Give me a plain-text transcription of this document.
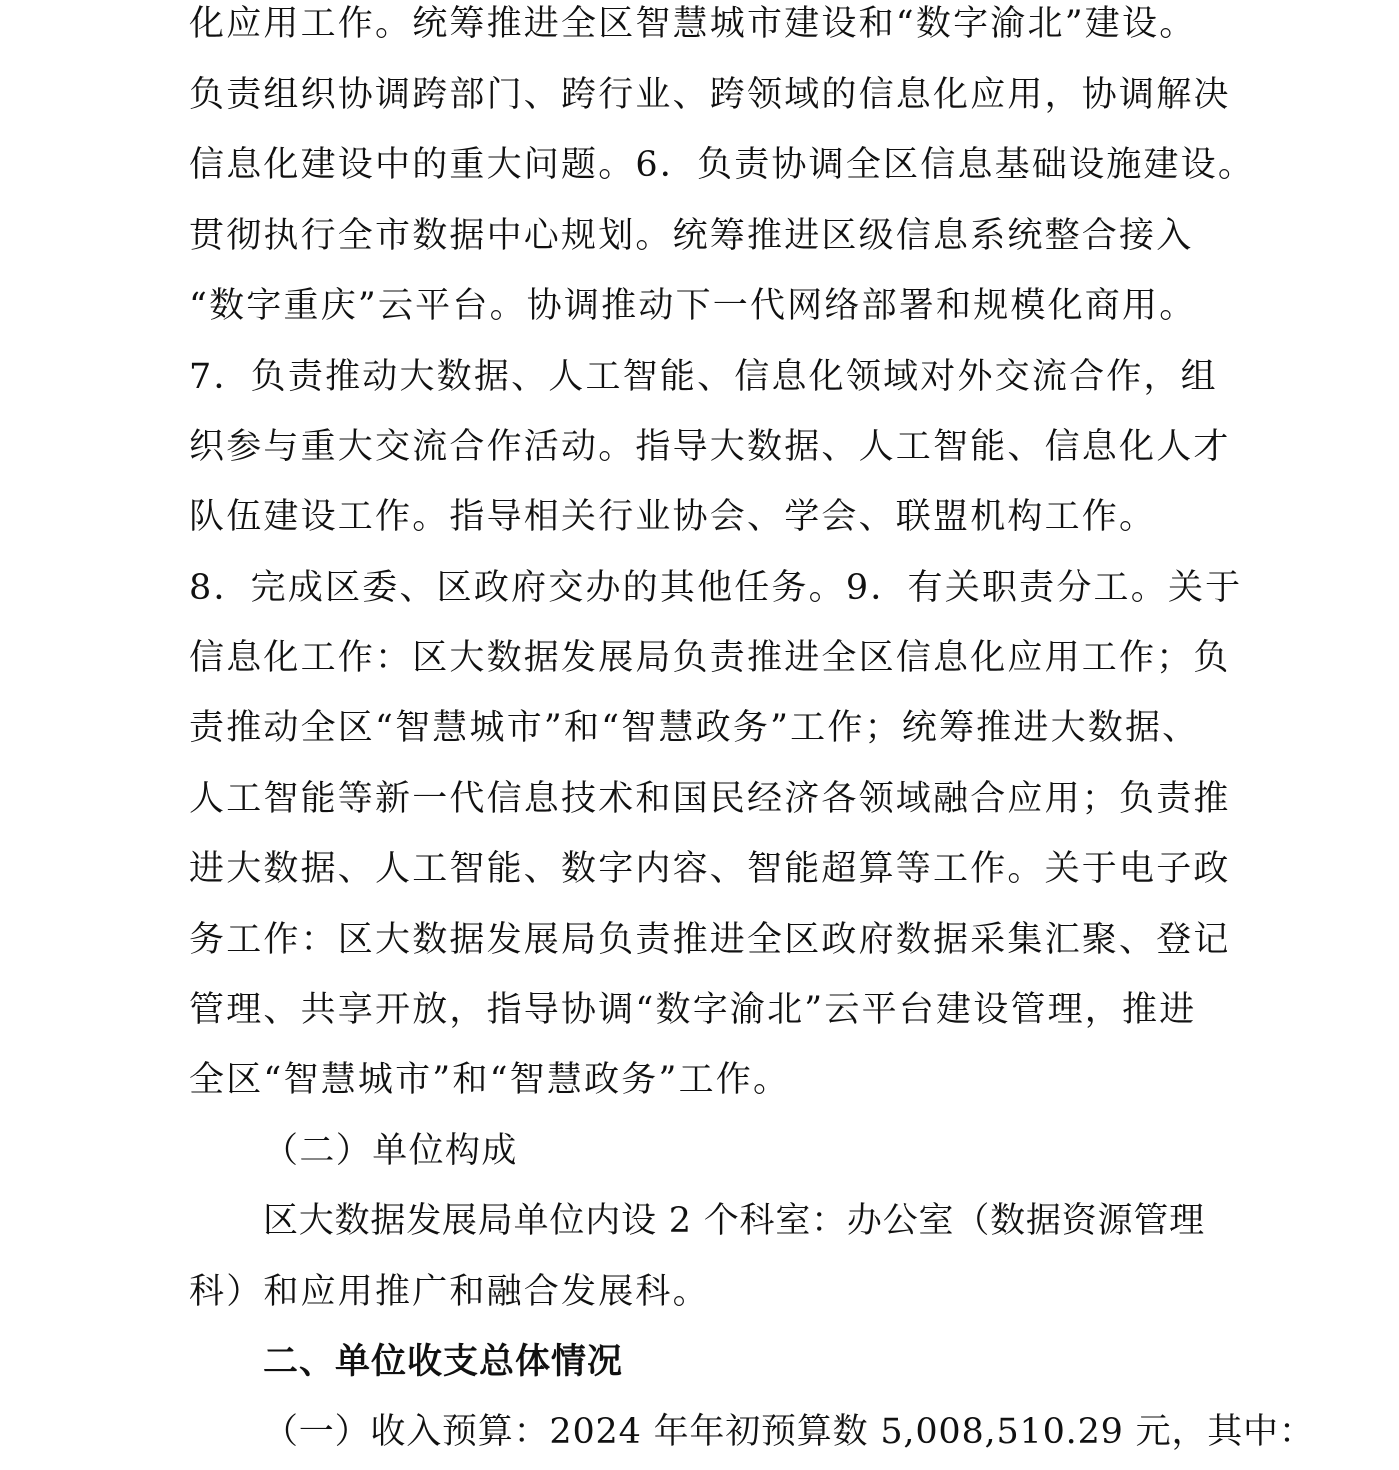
化应用工作。统筹推进全区智慧城市建设和“数字渝北”建设。
负责组织协调跨部门、跨行业、跨领域的信息化应用，协调解决
信息化建设中的重大问题。6．负责协调全区信息基础设施建设。
贯彻执行全市数据中心规划。统筹推进区级信息系统整合接入
“数字重庆”云平台。协调推动下一代网络部署和规模化商用。
7．负责推动大数据、人工智能、信息化领域对外交流合作，组
织参与重大交流合作活动。指导大数据、人工智能、信息化人才
队伍建设工作。指导相关行业协会、学会、联盟机构工作。
8．完成区委、区政府交办的其他任务。9．有关职责分工。关于
信息化工作：区大数据发展局负责推进全区信息化应用工作；负
责推动全区“智慧城市”和“智慧政务”工作；统筹推进大数据、
人工智能等新一代信息技术和国民经济各领域融合应用；负责推
进大数据、人工智能、数字内容、智能超算等工作。关于电子政
务工作：区大数据发展局负责推进全区政府数据采集汇聚、登记
管理、共享开放，指导协调“数字渝北”云平台建设管理，推进
全区“智慧城市”和“智慧政务”工作。
（二）单位构成
区大数据发展局单位内设 2 个科室：办公室（数据资源管理
科）和应用推广和融合发展科。
二、单位收支总体情况
（一）收入预算：2024 年年初预算数 5,008,510.29 元，其中：
